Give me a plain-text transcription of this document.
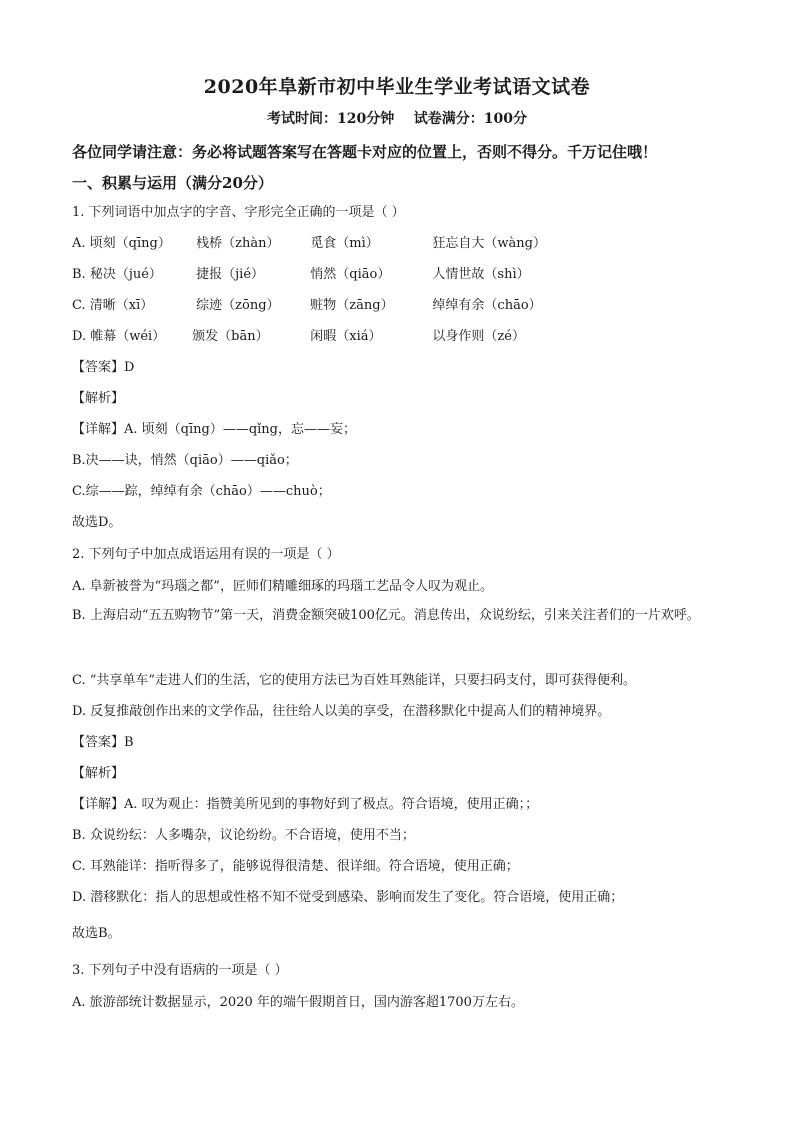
2020年阜新市初中毕业生学业考试语文试卷
考试时间：120分钟    试卷满分：100分
各位同学请注意：务必将试题答案写在答题卡对应的位置上，否则不得分。千万记住哦！
一、积累与运用（满分20分）
1. 下列词语中加点字的字音、字形完全正确的一项是（ ）
A. 顷刻（qīng） 栈桥（zhàn） 觅食（mì）	狂忘自大（wàng）
B. 秘决（jué）	捷报（jié）	悄然（qiāo）	人情世故（shì）
C. 清晰（xī）	综迹（zōng） 赃物（zāng）	绰绰有余（chāo）
D. 帷幕（wéi） 颁发（bān）	闲暇（xiá）	以身作则（zé）
【答案】D
【解析】
【详解】A. 顷刻（qīng）——qǐng，忘——妄；
B.决——诀，悄然（qiāo）——qiǎo；
C.综——踪，绰绰有余（chāo）——chuò；
故选D。
2. 下列句子中加点成语运用有误的一项是（ ）
A. 阜新被誉为“玛瑙之都”，匠师们精雕细琢的玛瑙工艺品令人叹为观止。
B. 上海启动“五五购物节”第一天，消费金额突破100亿元。消息传出，众说纷纭，引来关注者们的一片欢呼。
C. “共享单车”走进人们的生活，它的使用方法已为百姓耳熟能详，只要扫码支付，即可获得便利。
D. 反复推敲创作出来的文学作品，往往给人以美的享受，在潜移默化中提高人们的精神境界。
【答案】B
【解析】
【详解】A. 叹为观止：指赞美所见到的事物好到了极点。符合语境，使用正确；；
B. 众说纷纭：人多嘴杂，议论纷纷。不合语境，使用不当；
C. 耳熟能详：指听得多了，能够说得很清楚、很详细。符合语境，使用正确；
D. 潜移默化：指人的思想或性格不知不觉受到感染、影响而发生了变化。符合语境，使用正确；
故选B。
3. 下列句子中没有语病的一项是（ ）
A. 旅游部统计数据显示，2020 年的端午假期首日，国内游客超1700万左右。
